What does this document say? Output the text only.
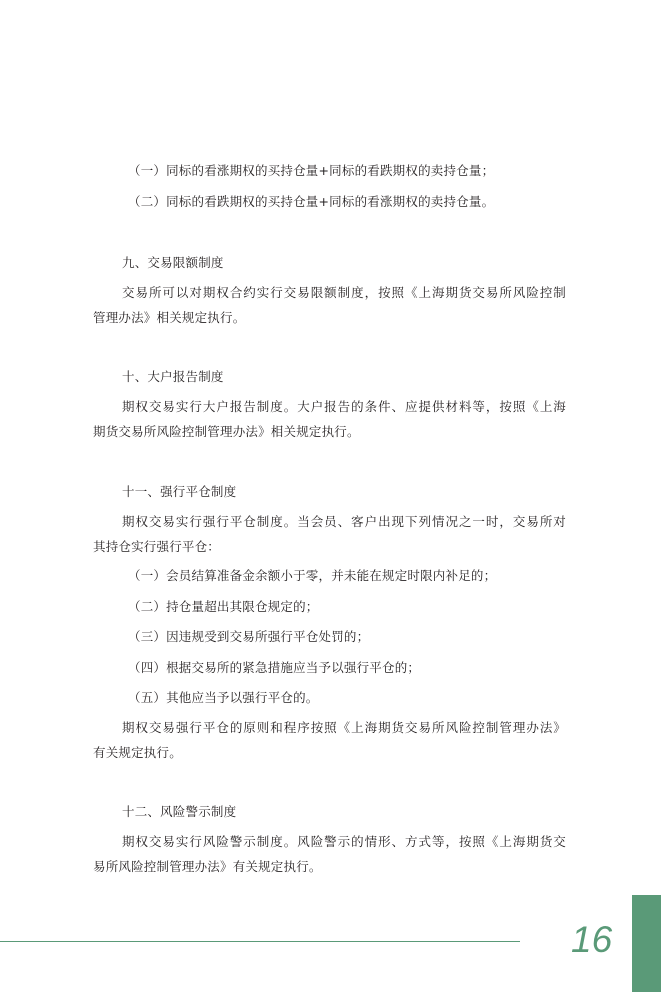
（一）同标的看涨期权的买持仓量+同标的看跌期权的卖持仓量；
（二）同标的看跌期权的买持仓量+同标的看涨期权的卖持仓量。
九、交易限额制度
交易所可以对期权合约实行交易限额制度，按照《上海期货交易所风险控制
管理办法》相关规定执行。
十、大户报告制度
期权交易实行大户报告制度。大户报告的条件、应提供材料等，按照《上海
期货交易所风险控制管理办法》相关规定执行。
十一、强行平仓制度
期权交易实行强行平仓制度。当会员、客户出现下列情况之一时，交易所对
其持仓实行强行平仓：
（一）会员结算准备金余额小于零，并未能在规定时限内补足的；
（二）持仓量超出其限仓规定的；
（三）因违规受到交易所强行平仓处罚的；
（四）根据交易所的紧急措施应当予以强行平仓的；
（五）其他应当予以强行平仓的。
期权交易强行平仓的原则和程序按照《上海期货交易所风险控制管理办法》
有关规定执行。
十二、风险警示制度
期权交易实行风险警示制度。风险警示的情形、方式等，按照《上海期货交
易所风险控制管理办法》有关规定执行。
16
